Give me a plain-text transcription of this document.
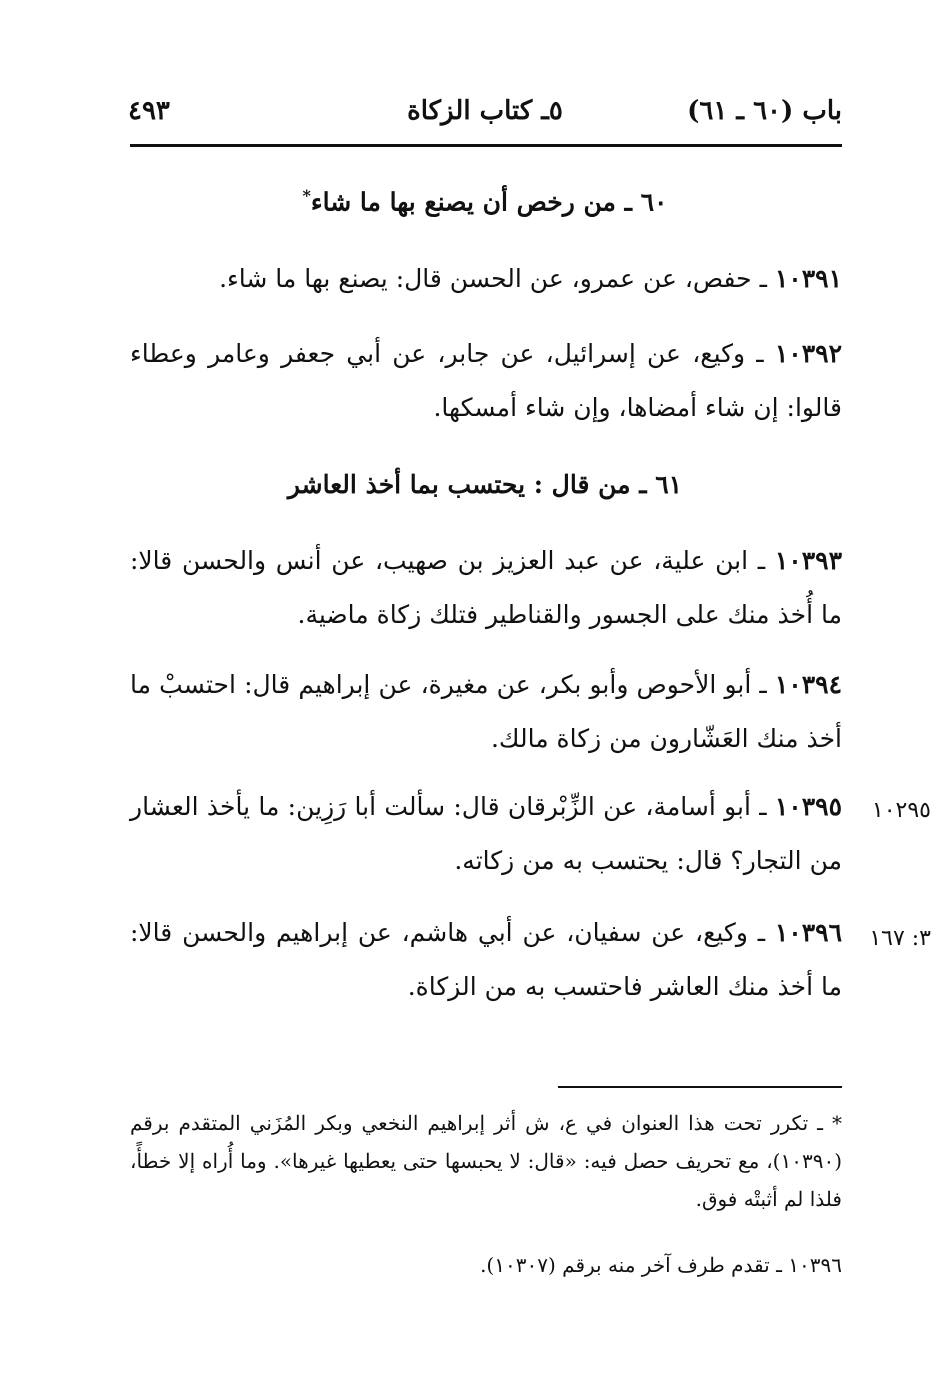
باب (٦٠ ـ ٦١)
٥ـ كتاب الزكاة
٤٩٣
٦٠ ـ من رخص أن يصنع بها ما شاء*
١٠٣٩١ ـ حفص، عن عمرو، عن الحسن قال: يصنع بها ما شاء.
١٠٣٩٢ ـ وكيع، عن إسرائيل، عن جابر، عن أبي جعفر وعامر وعطاء قالوا: إن شاء أمضاها، وإن شاء أمسكها.
٦١ ـ من قال : يحتسب بما أخذ العاشر
١٠٣٩٣ ـ ابن علية، عن عبد العزيز بن صهيب، عن أنس والحسن قالا: ما أُخذ منك على الجسور والقناطير فتلك زكاة ماضية.
١٠٣٩٤ ـ أبو الأحوص وأبو بكر، عن مغيرة، عن إبراهيم قال: احتسبْ ما أخذ منك العَشّارون من زكاة مالك.
١٠٢٩٥
١٠٣٩٥ ـ أبو أسامة، عن الزِّبْرقان قال: سألت أبا رَزِين: ما يأخذ العشار من التجار؟ قال: يحتسب به من زكاته.
٣: ١٦٧
١٠٣٩٦ ـ وكيع، عن سفيان، عن أبي هاشم، عن إبراهيم والحسن قالا: ما أخذ منك العاشر فاحتسب به من الزكاة.
* ـ تكرر تحت هذا العنوان في ع، ش أثر إبراهيم النخعي وبكر المُزَني المتقدم برقم (١٠٣٩٠)، مع تحريف حصل فيه: «قال: لا يحبسها حتى يعطيها غيرها». وما أُراه إلا خطأً، فلذا لم أثبتْه فوق.
١٠٣٩٦ ـ تقدم طرف آخر منه برقم (١٠٣٠٧).
